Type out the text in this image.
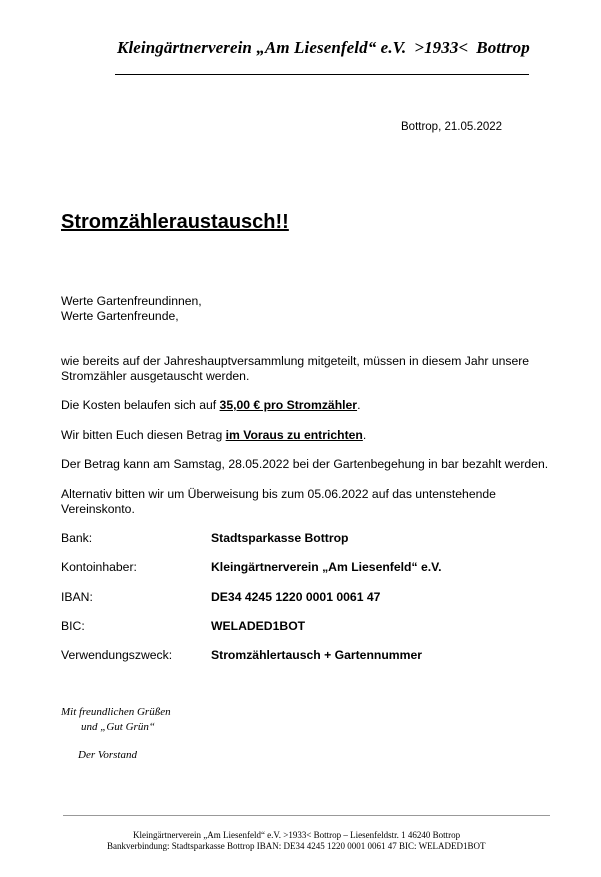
Kleingärtnerverein „Am Liesenfeld“ e.V. >1933< Bottrop
Bottrop, 21.05.2022
Stromzähleraustausch!!
Werte Gartenfreundinnen,
Werte Gartenfreunde,
wie bereits auf der Jahreshauptversammlung mitgeteilt, müssen in diesem Jahr unsere
Stromzähler ausgetauscht werden.
Die Kosten belaufen sich auf 35,00 € pro Stromzähler.
Wir bitten Euch diesen Betrag im Voraus zu entrichten.
Der Betrag kann am Samstag, 28.05.2022 bei der Gartenbegehung in bar bezahlt werden.
Alternativ bitten wir um Überweisung bis zum 05.06.2022 auf das untenstehende
Vereinskonto.
Bank:	Stadtsparkasse Bottrop
Kontoinhaber:	Kleingärtnerverein „Am Liesenfeld“ e.V.
IBAN:	DE34 4245 1220 0001 0061 47
BIC:	WELADED1BOT
Verwendungszweck:	Stromzählertausch + Gartennummer
Mit freundlichen Grüßen
und „Gut Grün“
Der Vorstand
Kleingärtnerverein „Am Liesenfeld“ e.V. >1933< Bottrop – Liesenfeldstr. 1 46240 Bottrop
Bankverbindung: Stadtsparkasse Bottrop IBAN: DE34 4245 1220 0001 0061 47 BIC: WELADED1BOT
